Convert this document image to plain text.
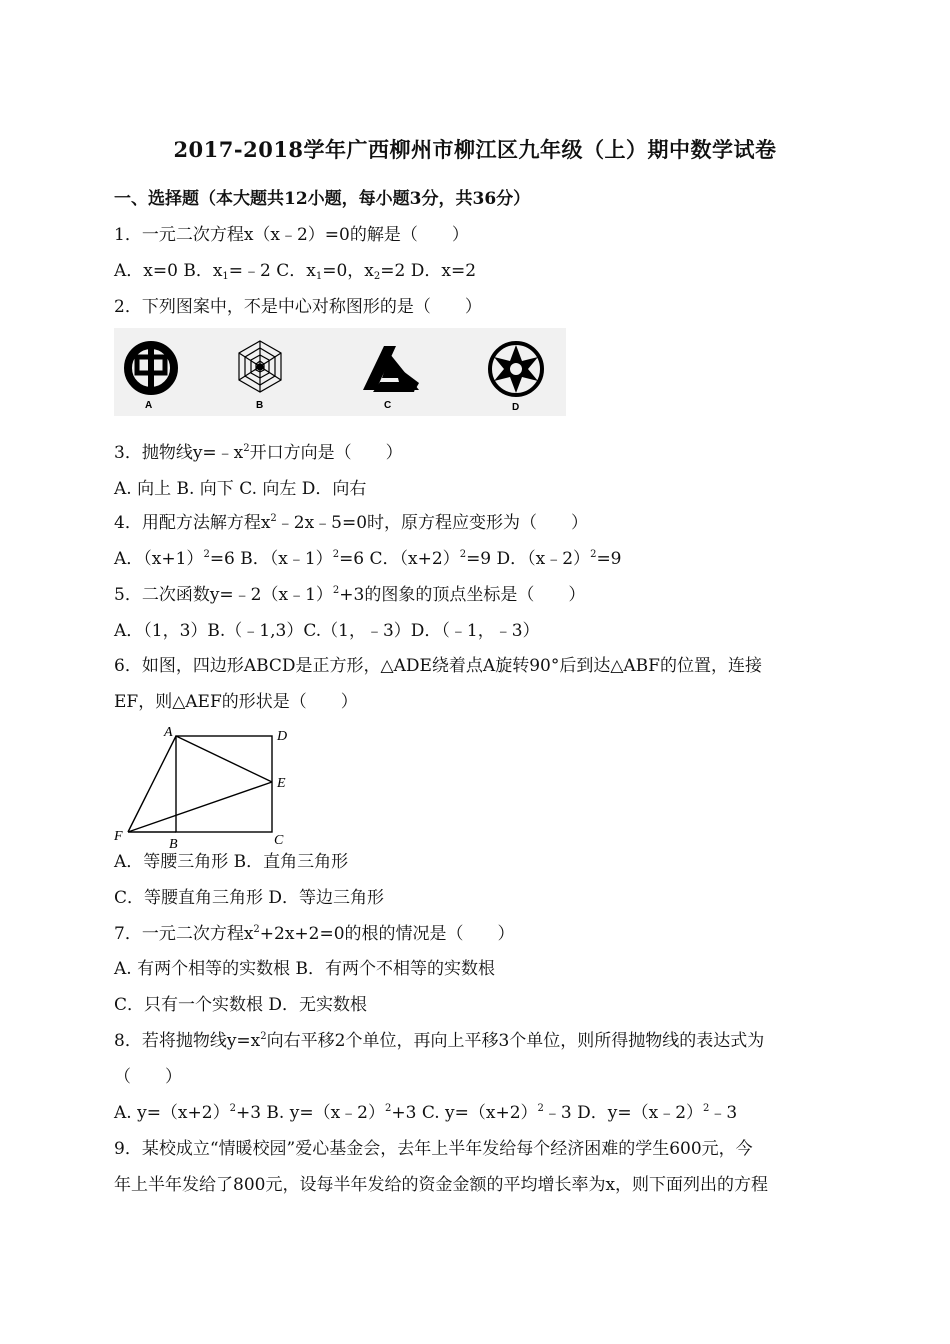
2017-2018学年广西柳州市柳江区九年级（上）期中数学试卷
一、选择题（本大题共12小题，每小题3分，共36分）
1．一元二次方程x（x﹣2）=0的解是（　　）
A．x=0 B．$x_1=﹣2$ C．$x_1=0$，$x_2=2$ D．x=2
2．下列图案中，不是中心对称图形的是（　　）
A	B	C	D
3．抛物线$y=﹣x^2$开口方向是（　　）
A. 向上 B. 向下 C. 向左 D．向右
4．用配方法解方程$x^2﹣2x﹣5=0$时，原方程应变形为（　　）
A．$(x+1)^2=6$ B．（x﹣1）$^2$=6 C．$(x+2)^2=9$ D．（x﹣2）$^2$=9
5．二次函数y=﹣2（x﹣1）$^2$+3的图象的顶点坐标是（　　）
A．（1，3）B.（﹣1,3）C.（1，﹣3）D．（﹣1，﹣3）
6．如图，四边形ABCD是正方形，△ADE绕着点A旋转90°后到达△ABF的位置，连接
EF，则△AEF的形状是（　　）
A	D
E
F
B	C
A．等腰三角形 B．直角三角形
C．等腰直角三角形 D．等边三角形
7．一元二次方程$x^2+2x+2=0$的根的情况是（　　）
A. 有两个相等的实数根 B．有两个不相等的实数根
C．只有一个实数根 D．无实数根
8．若将抛物线$y=x^2$向右平移2个单位，再向上平移3个单位，则所得抛物线的表达式为
（　　）
A. $y=(x+2)^2+3$ B. y=（x﹣2）$^2$+3 C. $y=(x+2)^2﹣3$ D．y=（x﹣2）$^2$﹣3
9．某校成立“情暖校园”爱心基金会，去年上半年发给每个经济困难的学生600元，今
年上半年发给了800元，设每半年发给的资金金额的平均增长率为x，则下面列出的方程
